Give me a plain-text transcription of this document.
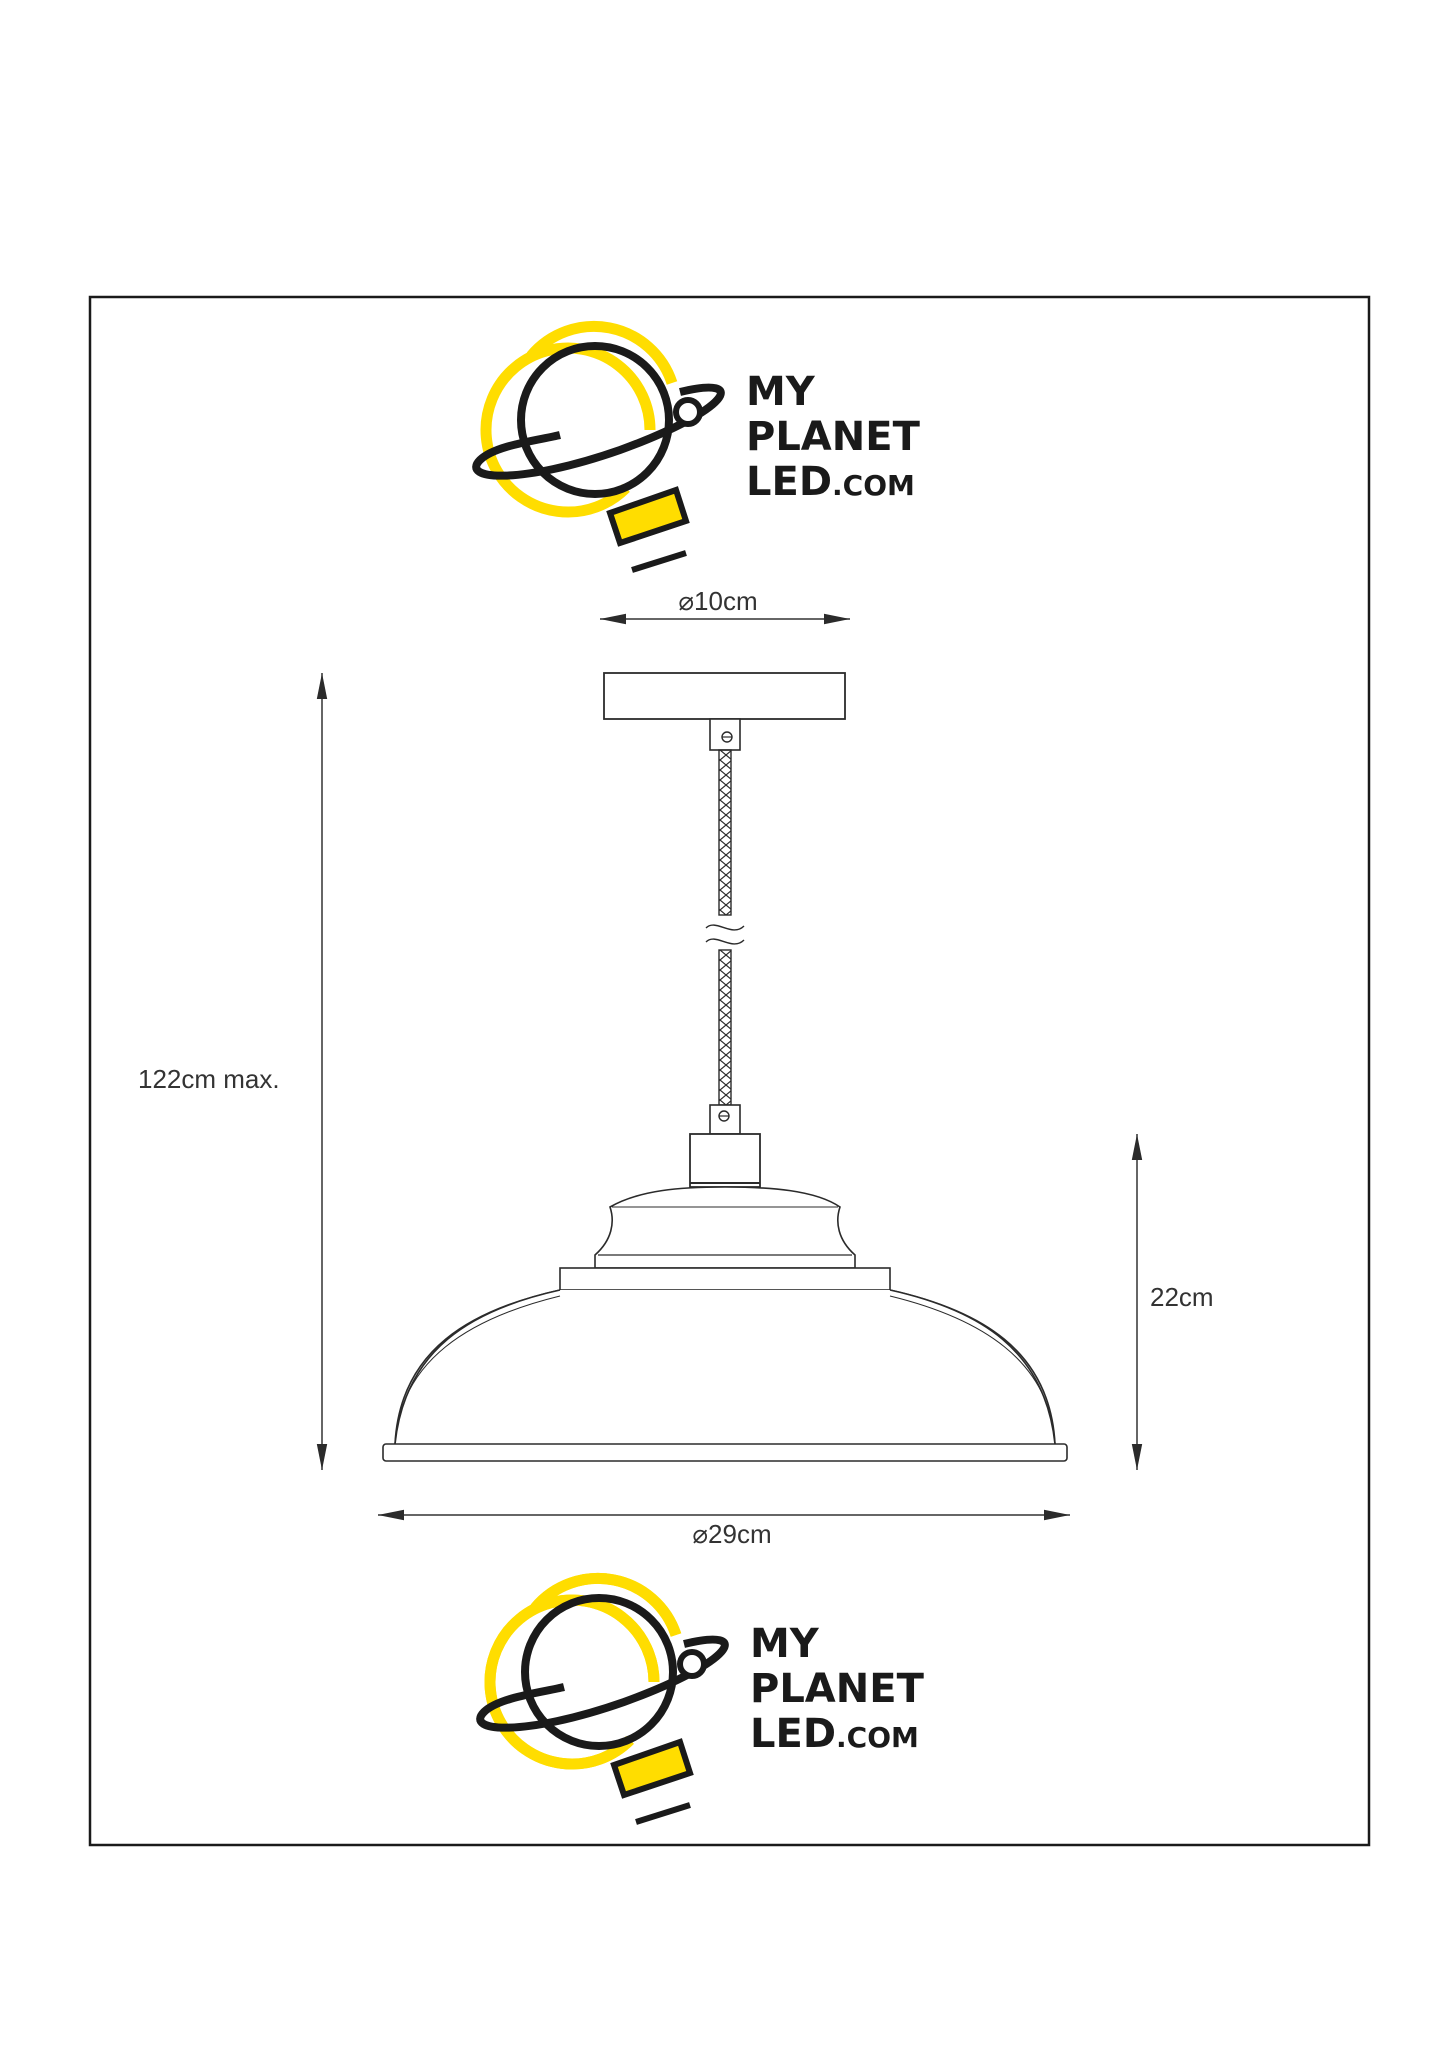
MY
PLANET
LED.COM
⌀10cm
122cm max.
22cm
⌀29cm
MY
PLANET
LED.COM
